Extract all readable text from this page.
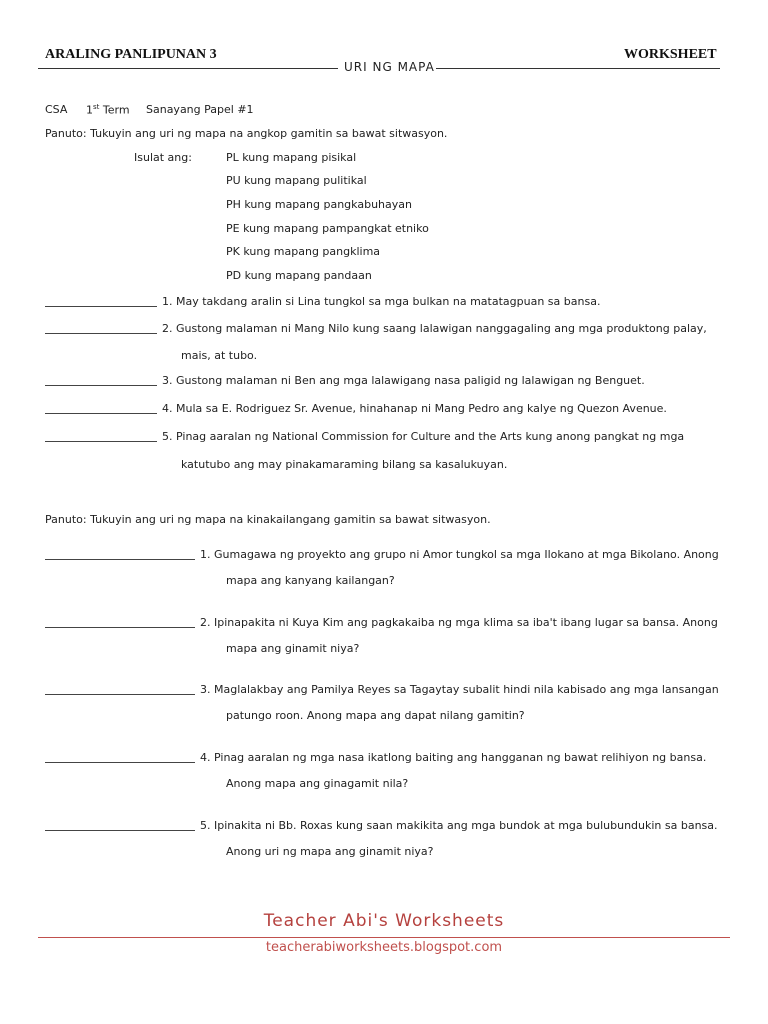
ARALING PANLIPUNAN 3	WORKSHEET
URI NG MAPA
CSA 1st Term Sanayang Papel #1
Panuto: Tukuyin ang uri ng mapa na angkop gamitin sa bawat sitwasyon.
Isulat ang:	PL kung mapang pisikal
PU kung mapang pulitikal
PH kung mapang pangkabuhayan
PE kung mapang pampangkat etniko
PK kung mapang pangklima
PD kung mapang pandaan
1. May takdang aralin si Lina tungkol sa mga bulkan na matatagpuan sa bansa.
2. Gustong malaman ni Mang Nilo kung saang lalawigan nanggagaling ang mga produktong palay,
mais, at tubo.
3. Gustong malaman ni Ben ang mga lalawigang nasa paligid ng lalawigan ng Benguet.
4. Mula sa E. Rodriguez Sr. Avenue, hinahanap ni Mang Pedro ang kalye ng Quezon Avenue.
5. Pinag aaralan ng National Commission for Culture and the Arts kung anong pangkat ng mga
katutubo ang may pinakamaraming bilang sa kasalukuyan.
Panuto: Tukuyin ang uri ng mapa na kinakailangang gamitin sa bawat sitwasyon.
1. Gumagawa ng proyekto ang grupo ni Amor tungkol sa mga Ilokano at mga Bikolano. Anong
mapa ang kanyang kailangan?
2. Ipinapakita ni Kuya Kim ang pagkakaiba ng mga klima sa iba't ibang lugar sa bansa. Anong
mapa ang ginamit niya?
3. Maglalakbay ang Pamilya Reyes sa Tagaytay subalit hindi nila kabisado ang mga lansangan
patungo roon. Anong mapa ang dapat nilang gamitin?
4. Pinag aaralan ng mga nasa ikatlong baiting ang hangganan ng bawat relihiyon ng bansa.
Anong mapa ang ginagamit nila?
5. Ipinakita ni Bb. Roxas kung saan makikita ang mga bundok at mga bulubundukin sa bansa.
Anong uri ng mapa ang ginamit niya?
Teacher Abi's Worksheets
teacherabiworksheets.blogspot.com
